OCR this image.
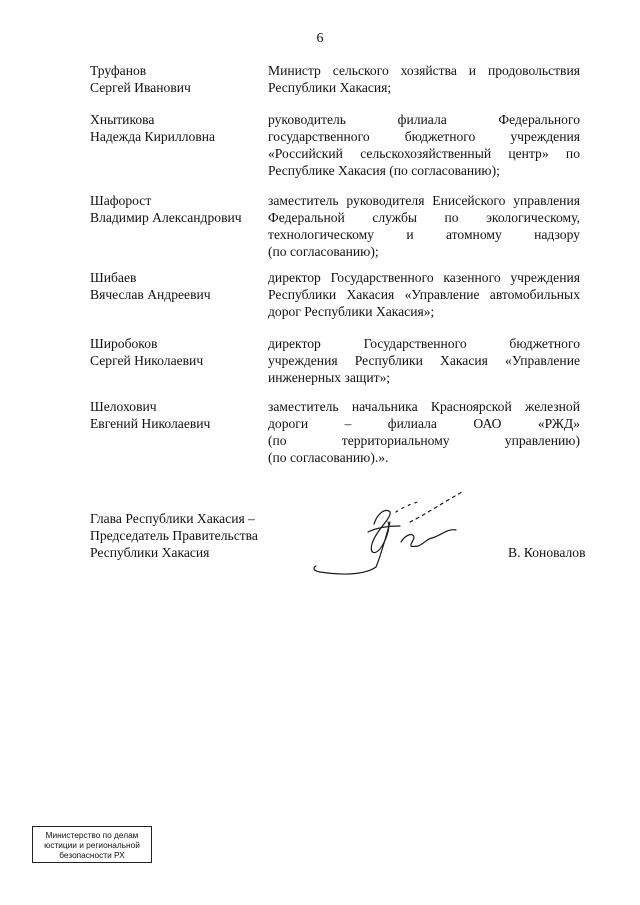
6
Труфанов
Сергей Иванович
Министр сельского хозяйства и продовольствия
Республики Хакасия;
Хнытикова
Надежда Кирилловна
руководитель филиала Федерального
государственного бюджетного учреждения
«Российский сельскохозяйственный центр» по
Республике Хакасия (по согласованию);
Шафорост
Владимир Александрович
заместитель руководителя Енисейского управления
Федеральной службы по экологическому,
технологическому и атомному надзору
(по согласованию);
Шибаев
Вячеслав Андреевич
директор Государственного казенного учреждения
Республики Хакасия «Управление автомобильных
дорог Республики Хакасия»;
Широбоков
Сергей Николаевич
директор Государственного бюджетного
учреждения Республики Хакасия «Управление
инженерных защит»;
Шелохович
Евгений Николаевич
заместитель начальника Красноярской железной
дороги – филиала ОАО «РЖД»
(по территориальному управлению)
(по согласованию).».
Глава Республики Хакасия –
Председатель Правительства
Республики Хакасия	В. Коновалов
Министерство по делам
юстиции и региональной
безопасности РХ
